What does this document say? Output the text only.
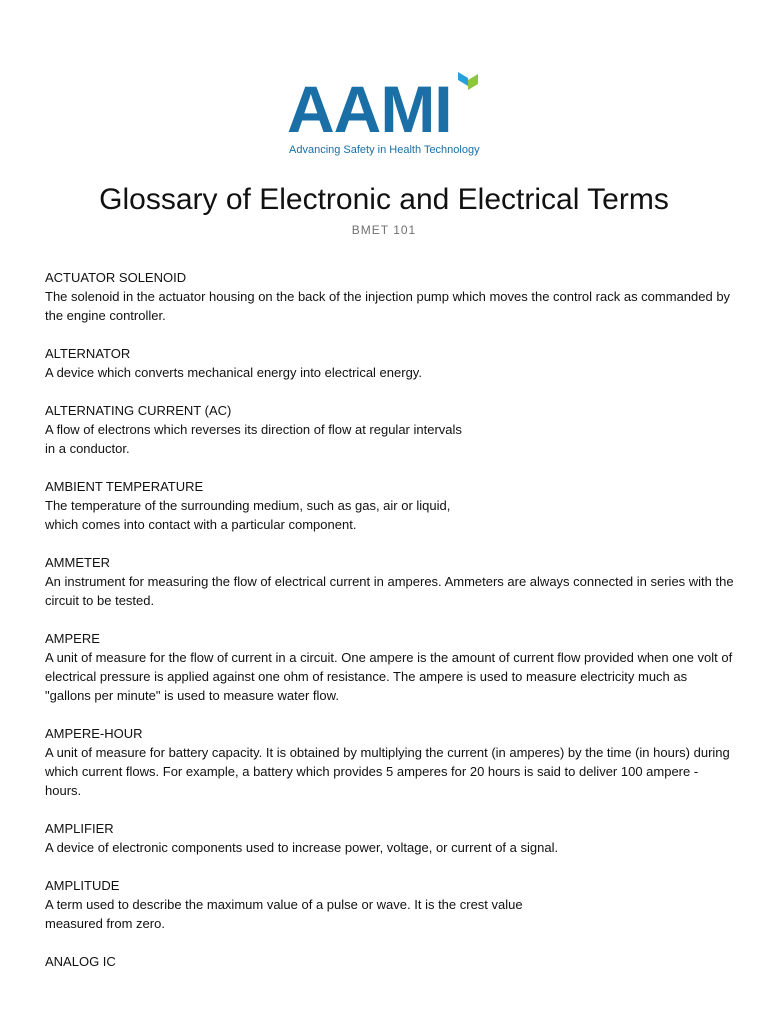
AAMI
Advancing Safety in Health Technology
Glossary of Electronic and Electrical Terms
BMET 101
ACTUATOR SOLENOID
The solenoid in the actuator housing on the back of the injection pump which moves the control rack as commanded by the engine controller.
ALTERNATOR
A device which converts mechanical energy into electrical energy.
ALTERNATING CURRENT (AC)
A flow of electrons which reverses its direction of flow at regular intervals in a conductor.
AMBIENT TEMPERATURE
The temperature of the surrounding medium, such as gas, air or liquid, which comes into contact with a particular component.
AMMETER
An instrument for measuring the flow of electrical current in amperes. Ammeters are always connected in series with the circuit to be tested.
AMPERE
A unit of measure for the flow of current in a circuit. One ampere is the amount of current flow provided when one volt of electrical pressure is applied against one ohm of resistance. The ampere is used to measure electricity much as "gallons per minute" is used to measure water flow.
AMPERE-HOUR
A unit of measure for battery capacity. It is obtained by multiplying the current (in amperes) by the time (in hours) during which current flows. For example, a battery which provides 5 amperes for 20 hours is said to deliver 100 ampere - hours.
AMPLIFIER
A device of electronic components used to increase power, voltage, or current of a signal.
AMPLITUDE
A term used to describe the maximum value of a pulse or wave. It is the crest value measured from zero.
ANALOG IC
